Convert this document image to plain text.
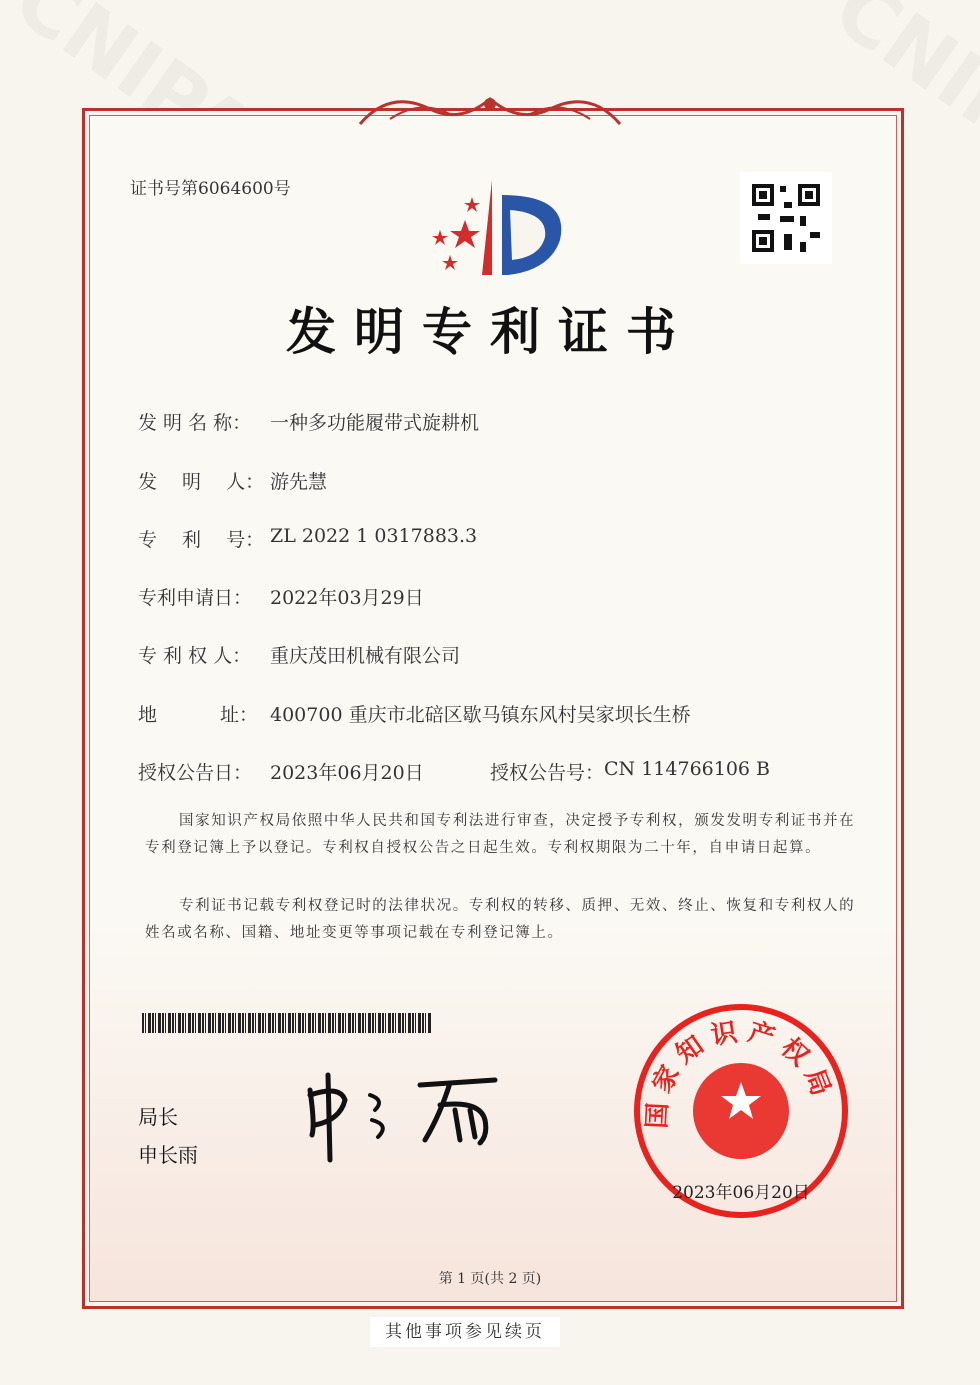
证书号第6064600号
发明专利证书
发 明 名 称： 一种多功能履带式旋耕机
发　 明　 人： 游先慧
专　 利　 号： ZL 2022 1 0317883.3
专利申请日： 2022年03月29日
专 利 权 人： 重庆茂田机械有限公司
地　　　 址： 400700 重庆市北碚区歇马镇东风村吴家坝长生桥
授权公告日： 2023年06月20日	授权公告号： CN 114766106 B
国家知识产权局依照中华人民共和国专利法进行审查，决定授予专利权，颁发发明专利证书并在专利登记簿上予以登记。专利权自授权公告之日起生效。专利权期限为二十年，自申请日起算。
专利证书记载专利权登记时的法律状况。专利权的转移、质押、无效、终止、恢复和专利权人的姓名或名称、国籍、地址变更等事项记载在专利登记簿上。
局长
申长雨
国家知识产权局
2023年06月20日
第 1 页(共 2 页)
其他事项参见续页
